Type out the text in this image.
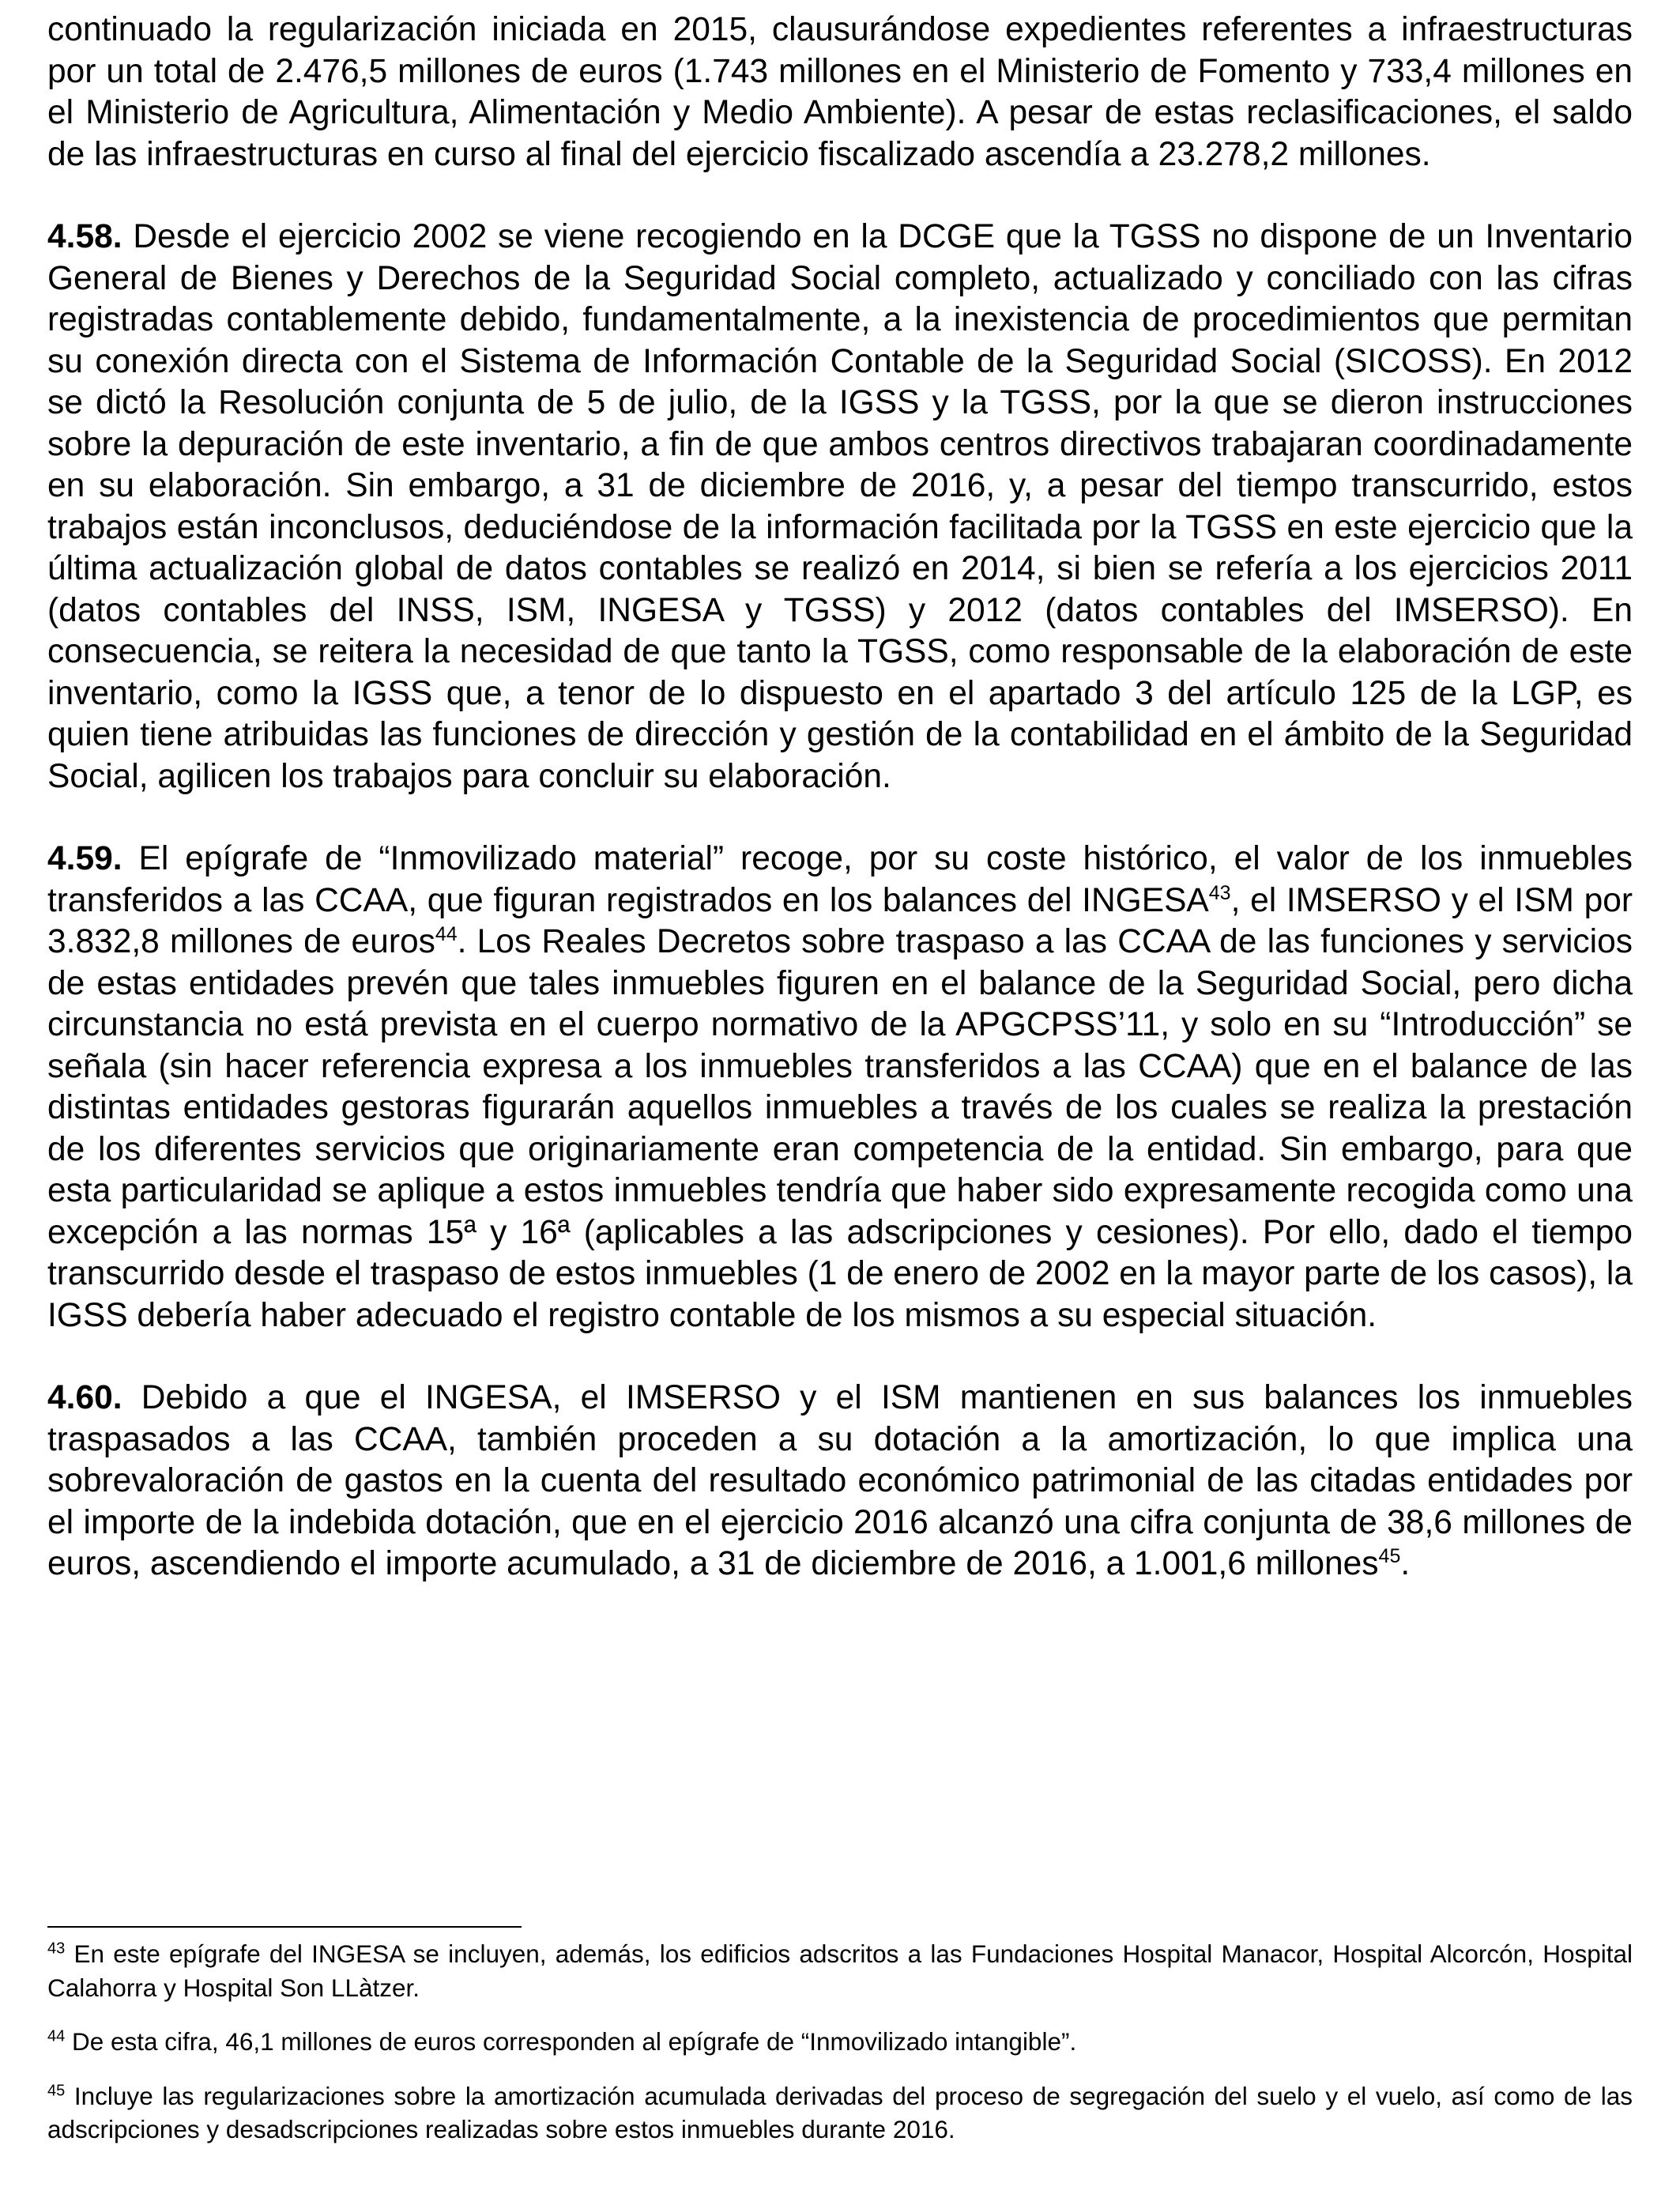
continuado la regularización iniciada en 2015, clausurándose expedientes referentes a infraestructuras por un total de 2.476,5 millones de euros (1.743 millones en el Ministerio de Fomento y 733,4 millones en el Ministerio de Agricultura, Alimentación y Medio Ambiente). A pesar de estas reclasificaciones, el saldo de las infraestructuras en curso al final del ejercicio fiscalizado ascendía a 23.278,2 millones.

4.58. Desde el ejercicio 2002 se viene recogiendo en la DCGE que la TGSS no dispone de un Inventario General de Bienes y Derechos de la Seguridad Social completo, actualizado y conciliado con las cifras registradas contablemente debido, fundamentalmente, a la inexistencia de procedimientos que permitan su conexión directa con el Sistema de Información Contable de la Seguridad Social (SICOSS). En 2012 se dictó la Resolución conjunta de 5 de julio, de la IGSS y la TGSS, por la que se dieron instrucciones sobre la depuración de este inventario, a fin de que ambos centros directivos trabajaran coordinadamente en su elaboración. Sin embargo, a 31 de diciembre de 2016, y, a pesar del tiempo transcurrido, estos trabajos están inconclusos, deduciéndose de la información facilitada por la TGSS en este ejercicio que la última actualización global de datos contables se realizó en 2014, si bien se refería a los ejercicios 2011 (datos contables del INSS, ISM, INGESA y TGSS) y 2012 (datos contables del IMSERSO). En consecuencia, se reitera la necesidad de que tanto la TGSS, como responsable de la elaboración de este inventario, como la IGSS que, a tenor de lo dispuesto en el apartado 3 del artículo 125 de la LGP, es quien tiene atribuidas las funciones de dirección y gestión de la contabilidad en el ámbito de la Seguridad Social, agilicen los trabajos para concluir su elaboración.

4.59. El epígrafe de “Inmovilizado material” recoge, por su coste histórico, el valor de los inmuebles transferidos a las CCAA, que figuran registrados en los balances del INGESA$^{43}$, el IMSERSO y el ISM por 3.832,8 millones de euros$^{44}$. Los Reales Decretos sobre traspaso a las CCAA de las funciones y servicios de estas entidades prevén que tales inmuebles figuren en el balance de la Seguridad Social, pero dicha circunstancia no está prevista en el cuerpo normativo de la APGCPSS’11, y solo en su “Introducción” se señala (sin hacer referencia expresa a los inmuebles transferidos a las CCAA) que en el balance de las distintas entidades gestoras figurarán aquellos inmuebles a través de los cuales se realiza la prestación de los diferentes servicios que originariamente eran competencia de la entidad. Sin embargo, para que esta particularidad se aplique a estos inmuebles tendría que haber sido expresamente recogida como una excepción a las normas 15ª y 16ª (aplicables a las adscripciones y cesiones). Por ello, dado el tiempo transcurrido desde el traspaso de estos inmuebles (1 de enero de 2002 en la mayor parte de los casos), la IGSS debería haber adecuado el registro contable de los mismos a su especial situación.

4.60. Debido a que el INGESA, el IMSERSO y el ISM mantienen en sus balances los inmuebles traspasados a las CCAA, también proceden a su dotación a la amortización, lo que implica una sobrevaloración de gastos en la cuenta del resultado económico patrimonial de las citadas entidades por el importe de la indebida dotación, que en el ejercicio 2016 alcanzó una cifra conjunta de 38,6 millones de euros, ascendiendo el importe acumulado, a 31 de diciembre de 2016, a 1.001,6 millones$^{45}$.

$^{43}$ En este epígrafe del INGESA se incluyen, además, los edificios adscritos a las Fundaciones Hospital Manacor, Hospital Alcorcón, Hospital Calahorra y Hospital Son LLàtzer.

$^{44}$ De esta cifra, 46,1 millones de euros corresponden al epígrafe de “Inmovilizado intangible”.

$^{45}$ Incluye las regularizaciones sobre la amortización acumulada derivadas del proceso de segregación del suelo y el vuelo, así como de las adscripciones y desadscripciones realizadas sobre estos inmuebles durante 2016.
